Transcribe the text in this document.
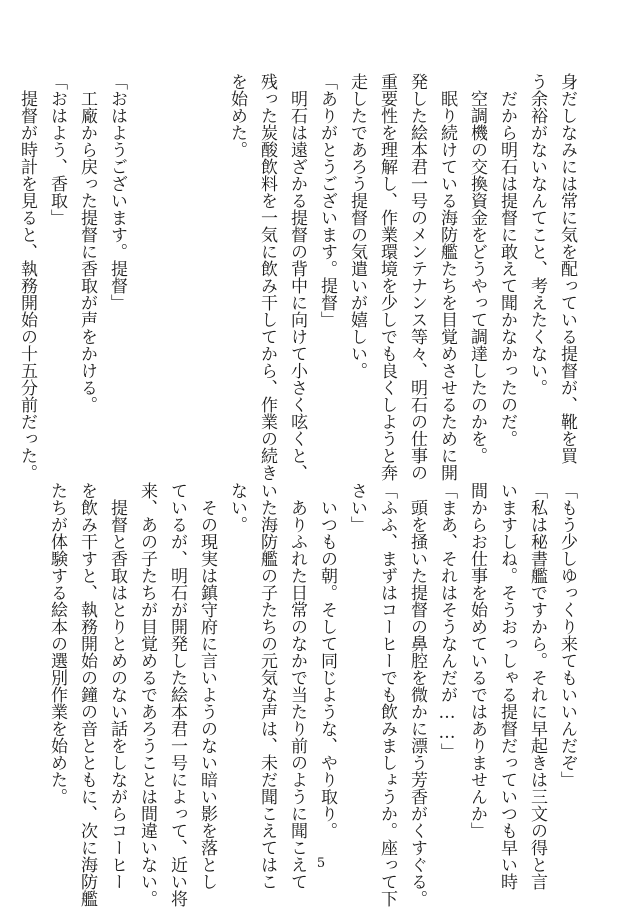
身だしなみには常に気を配っている提督が、靴を買
う余裕がないなんてこと、考えたくない。
　だから明石は提督に敢えて聞かなかったのだ。
　空調機の交換資金をどうやって調達したのかを。
　眠り続けている海防艦たちを目覚めさせるために開
発した絵本君一号のメンテナンス等々、明石の仕事の
重要性を理解し、作業環境を少しでも良くしようと奔
走したであろう提督の気遣いが嬉しい。
「ありがとうございます。提督」
　明石は遠ざかる提督の背中に向けて小さく呟くと、
残った炭酸飲料を一気に飲み干してから、作業の続き
を始めた。
「おはようございます。提督」
　工廠から戻った提督に香取が声をかける。
「おはよう、香取」
　提督が時計を見ると、執務開始の十五分前だった。
「もう少しゆっくり来てもいいんだぞ」
「私は秘書艦ですから。それに早起きは三文の得と言
いますしね。そうおっしゃる提督だっていつも早い時
間からお仕事を始めているではありませんか」
「まあ、それはそうなんだが……」
　頭を掻いた提督の鼻腔を微かに漂う芳香がくすぐる。
「ふふ、まずはコーヒーでも飲みましょうか。座って下
さい」
　いつもの朝。そして同じような、やり取り。
　ありふれた日常のなかで当たり前のように聞こえて
いた海防艦の子たちの元気な声は、未だ聞こえてはこ
ない。
　その現実は鎮守府に言いようのない暗い影を落とし
ているが、明石が開発した絵本君一号によって、近い将
来、あの子たちが目覚めるであろうことは間違いない。
　提督と香取はとりとめのない話をしながらコーヒー
を飲み干すと、執務開始の鐘の音とともに、次に海防艦
たちが体験する絵本の選別作業を始めた。
5
